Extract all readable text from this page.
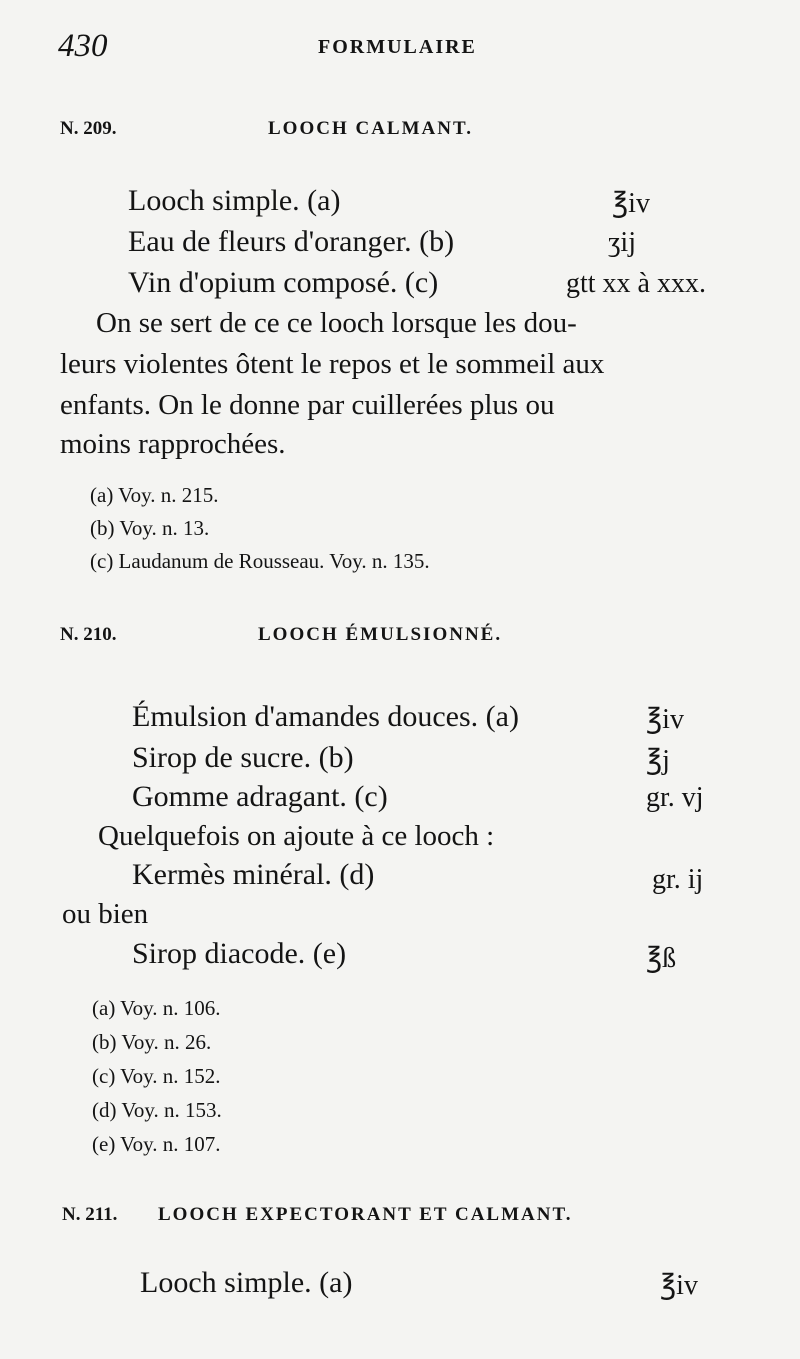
430	FORMULAIRE
N. 209.	LOOCH CALMANT.
Looch simple. (a)	℥iv
Eau de fleurs d'oranger. (b)	ʒij
Vin d'opium composé. (c)	gtt xx à xxx.
On se sert de ce ce looch lorsque les dou-
leurs violentes ôtent le repos et le sommeil aux
enfants. On le donne par cuillerées plus ou
moins rapprochées.
(a) Voy. n. 215.
(b) Voy. n. 13.
(c) Laudanum de Rousseau. Voy. n. 135.
N. 210.	LOOCH ÉMULSIONNÉ.
Émulsion d'amandes douces. (a)	℥iv
Sirop de sucre. (b)	℥j
Gomme adragant. (c)	gr. vj
Quelquefois on ajoute à ce looch :
Kermès minéral. (d)	gr. ij
ou bien
Sirop diacode. (e)	℥ß
(a) Voy. n. 106.
(b) Voy. n. 26.
(c) Voy. n. 152.
(d) Voy. n. 153.
(e) Voy. n. 107.
N. 211. LOOCH EXPECTORANT ET CALMANT.
Looch simple. (a)	℥iv
